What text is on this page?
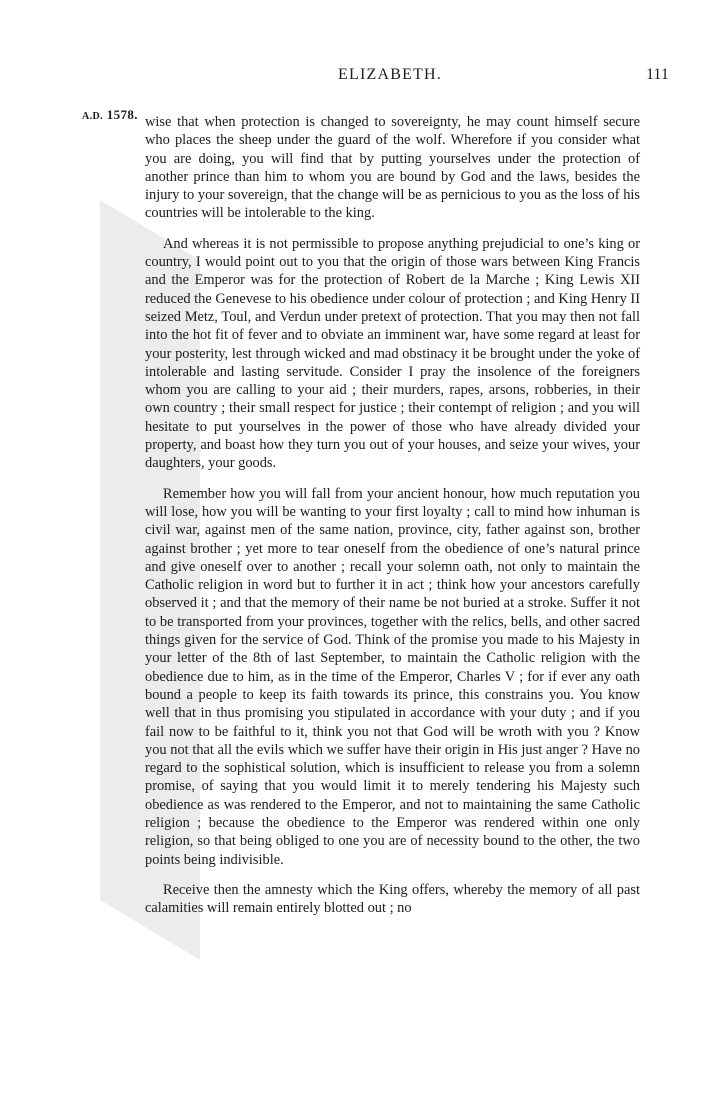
ELIZABETH.	111
A.D. 1578. wise that when protection is changed to sovereignty, he may count himself secure who places the sheep under the guard of the wolf. Wherefore if you consider what you are doing, you will find that by putting yourselves under the protection of another prince than him to whom you are bound by God and the laws, besides the injury to your sovereign, that the change will be as pernicious to you as the loss of his countries will be intolerable to the king.

And whereas it is not permissible to propose anything prejudicial to one’s king or country, I would point out to you that the origin of those wars between King Francis and the Emperor was for the protection of Robert de la Marche ; King Lewis XII reduced the Genevese to his obedience under colour of protection ; and King Henry II seized Metz, Toul, and Verdun under pretext of protection. That you may then not fall into the hot fit of fever and to obviate an imminent war, have some regard at least for your posterity, lest through wicked and mad obstinacy it be brought under the yoke of intolerable and lasting servitude. Consider I pray the insolence of the foreigners whom you are calling to your aid ; their murders, rapes, arsons, robberies, in their own country ; their small respect for justice ; their contempt of religion ; and you will hesitate to put yourselves in the power of those who have already divided your property, and boast how they turn you out of your houses, and seize your wives, your daughters, your goods.

Remember how you will fall from your ancient honour, how much reputation you will lose, how you will be wanting to your first loyalty ; call to mind how inhuman is civil war, against men of the same nation, province, city, father against son, brother against brother ; yet more to tear oneself from the obedience of one’s natural prince and give oneself over to another ; recall your solemn oath, not only to maintain the Catholic religion in word but to further it in act ; think how your ancestors carefully observed it ; and that the memory of their name be not buried at a stroke. Suffer it not to be transported from your provinces, together with the relics, bells, and other sacred things given for the service of God. Think of the promise you made to his Majesty in your letter of the 8th of last September, to maintain the Catholic religion with the obedience due to him, as in the time of the Emperor, Charles V ; for if ever any oath bound a people to keep its faith towards its prince, this constrains you. You know well that in thus promising you stipulated in accordance with your duty ; and if you fail now to be faithful to it, think you not that God will be wroth with you ? Know you not that all the evils which we suffer have their origin in His just anger ? Have no regard to the sophistical solution, which is insufficient to release you from a solemn promise, of saying that you would limit it to merely tendering his Majesty such obedience as was rendered to the Emperor, and not to maintaining the same Catholic religion ; because the obedience to the Emperor was rendered within one only religion, so that being obliged to one you are of necessity bound to the other, the two points being indivisible.

Receive then the amnesty which the King offers, whereby the memory of all past calamities will remain entirely blotted out ; no
